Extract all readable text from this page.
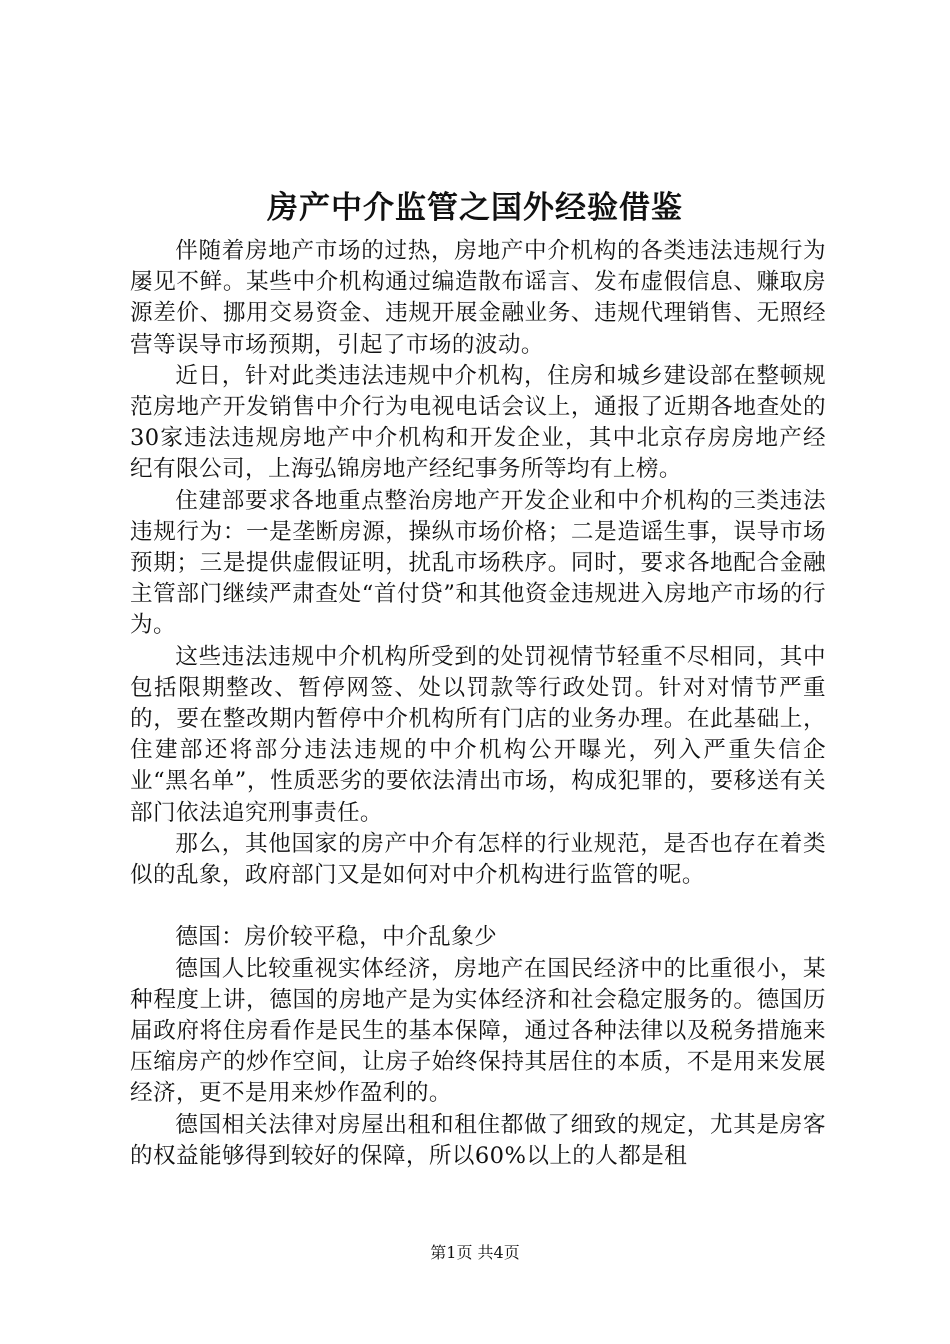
房产中介监管之国外经验借鉴

伴随着房地产市场的过热，房地产中介机构的各类违法违规行为屡见不鲜。某些中介机构通过编造散布谣言、发布虚假信息、赚取房源差价、挪用交易资金、违规开展金融业务、违规代理销售、无照经营等误导市场预期，引起了市场的波动。

近日，针对此类违法违规中介机构，住房和城乡建设部在整顿规范房地产开发销售中介行为电视电话会议上，通报了近期各地查处的30家违法违规房地产中介机构和开发企业，其中北京存房房地产经纪有限公司，上海弘锦房地产经纪事务所等均有上榜。

住建部要求各地重点整治房地产开发企业和中介机构的三类违法违规行为：一是垄断房源，操纵市场价格；二是造谣生事，误导市场预期；三是提供虚假证明，扰乱市场秩序。同时，要求各地配合金融主管部门继续严肃查处“首付贷”和其他资金违规进入房地产市场的行为。

这些违法违规中介机构所受到的处罚视情节轻重不尽相同，其中包括限期整改、暂停网签、处以罚款等行政处罚。针对对情节严重的，要在整改期内暂停中介机构所有门店的业务办理。在此基础上，住建部还将部分违法违规的中介机构公开曝光，列入严重失信企业“黑名单”，性质恶劣的要依法清出市场，构成犯罪的，要移送有关部门依法追究刑事责任。

那么，其他国家的房产中介有怎样的行业规范，是否也存在着类似的乱象，政府部门又是如何对中介机构进行监管的呢。

德国：房价较平稳，中介乱象少

德国人比较重视实体经济，房地产在国民经济中的比重很小，某种程度上讲，德国的房地产是为实体经济和社会稳定服务的。德国历届政府将住房看作是民生的基本保障，通过各种法律以及税务措施来压缩房产的炒作空间，让房子始终保持其居住的本质，不是用来发展经济，更不是用来炒作盈利的。

德国相关法律对房屋出租和租住都做了细致的规定，尤其是房客的权益能够得到较好的保障，所以60%以上的人都是租

第1页 共4页
